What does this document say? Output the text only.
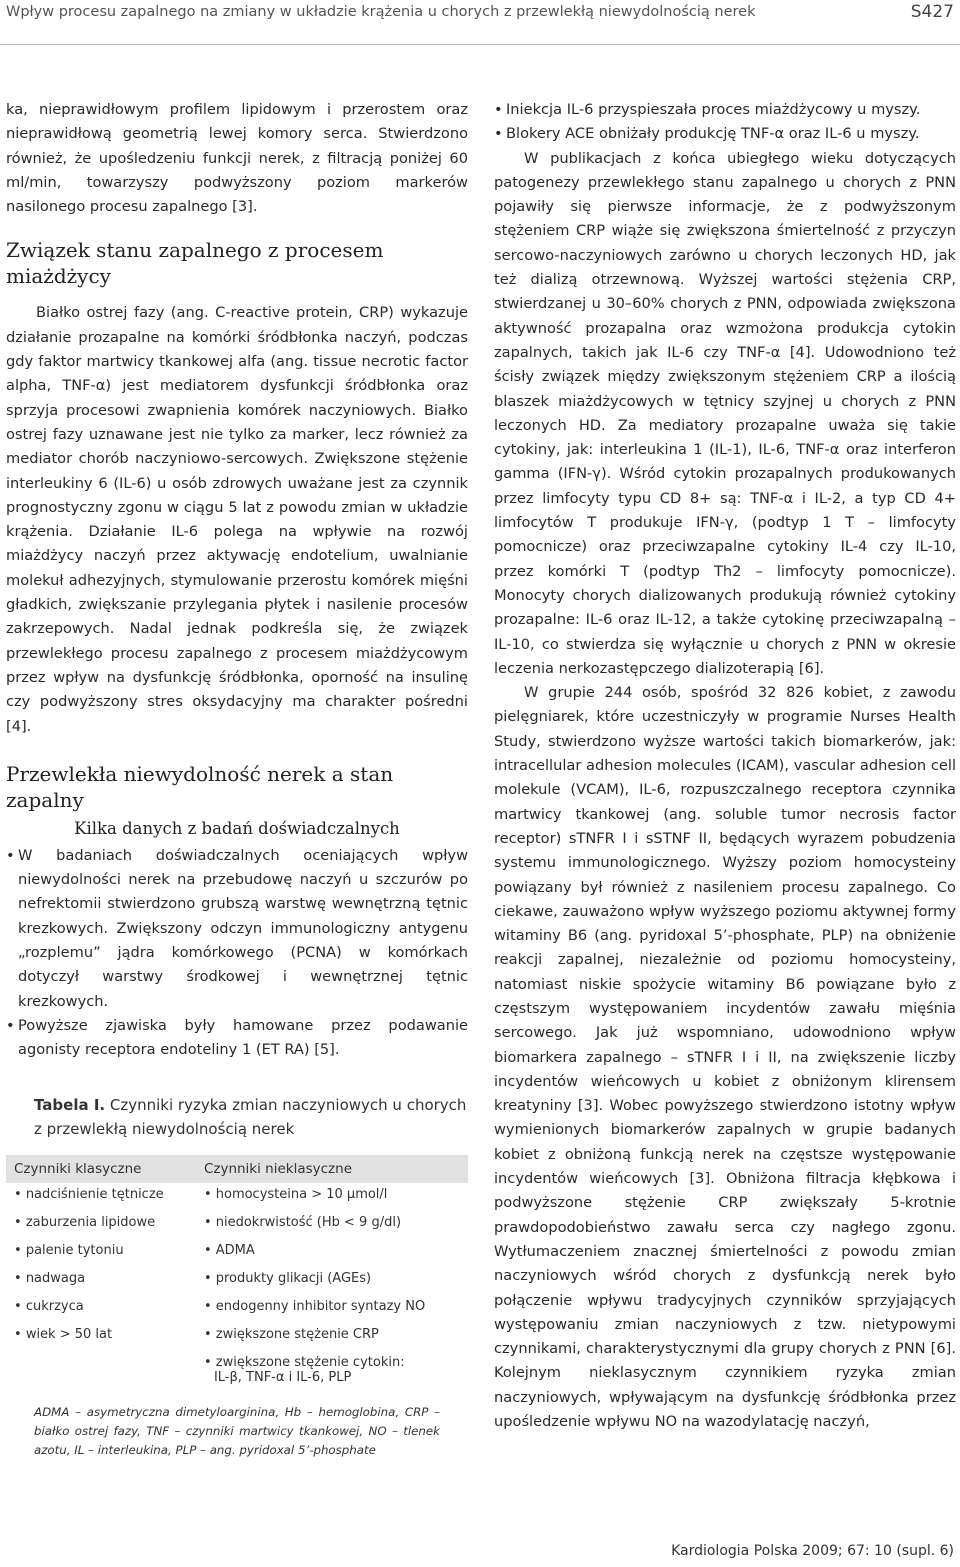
Wpływ procesu zapalnego na zmiany w układzie krążenia u chorych z przewlekłą niewydolnością nerek	S427

ka, nieprawidłowym profilem lipidowym i przerostem oraz nieprawidłową geometrią lewej komory serca. Stwierdzono również, że upośledzeniu funkcji nerek, z filtracją poniżej 60 ml/min, towarzyszy podwyższony poziom markerów nasilonego procesu zapalnego [3].

Związek stanu zapalnego z procesem miażdżycy

Białko ostrej fazy (ang. C-reactive protein, CRP) wykazuje działanie prozapalne na komórki śródbłonka naczyń, podczas gdy faktor martwicy tkankowej alfa (ang. tissue necrotic factor alpha, TNF-α) jest mediatorem dysfunkcji śródbłonka oraz sprzyja procesowi zwapnienia komórek naczyniowych. Białko ostrej fazy uznawane jest nie tylko za marker, lecz również za mediator chorób naczyniowo-sercowych. Zwiększone stężenie interleukiny 6 (IL-6) u osób zdrowych uważane jest za czynnik prognostyczny zgonu w ciągu 5 lat z powodu zmian w układzie krążenia. Działanie IL-6 polega na wpływie na rozwój miażdżycy naczyń przez aktywację endotelium, uwalnianie molekuł adhezyjnych, stymulowanie przerostu komórek mięśni gładkich, zwiększanie przylegania płytek i nasilenie procesów zakrzepowych. Nadal jednak podkreśla się, że związek przewlekłego procesu zapalnego z procesem miażdżycowym przez wpływ na dysfunkcję śródbłonka, oporność na insulinę czy podwyższony stres oksydacyjny ma charakter pośredni [4].

Przewlekła niewydolność nerek a stan zapalny
Kilka danych z badań doświadczalnych
• W badaniach doświadczalnych oceniających wpływ niewydolności nerek na przebudowę naczyń u szczurów po nefrektomii stwierdzono grubszą warstwę wewnętrzną tętnic krezkowych. Zwiększony odczyn immunologiczny antygenu „rozplemu” jądra komórkowego (PCNA) w komórkach dotyczył warstwy środkowej i wewnętrznej tętnic krezkowych.
• Powyższe zjawiska były hamowane przez podawanie agonisty receptora endoteliny 1 (ET RA) [5].
Tabela I. Czynniki ryzyka zmian naczyniowych u chorych z przewlekłą niewydolnością nerek
Czynniki klasyczne	Czynniki nieklasyczne
• nadciśnienie tętnicze	• homocysteina > 10 μmol/l
• zaburzenia lipidowe	• niedokrwistość (Hb < 9 g/dl)
• palenie tytoniu	• ADMA
• nadwaga	• produkty glikacji (AGEs)
• cukrzyca	• endogenny inhibitor syntazy NO
• wiek > 50 lat	• zwiększone stężenie CRP
	• zwiększone stężenie cytokin:
IL-β, TNF-α i IL-6, PLP
ADMA – asymetryczna dimetyloarginina, Hb – hemoglobina, CRP – białko ostrej fazy, TNF – czynniki martwicy tkankowej, NO – tlenek azotu, IL – interleukina, PLP – ang. pyridoxal 5’-phosphate
• Iniekcja IL-6 przyspieszała proces miażdżycowy u myszy.
• Blokery ACE obniżały produkcję TNF-α oraz IL-6 u myszy.

W publikacjach z końca ubiegłego wieku dotyczących patogenezy przewlekłego stanu zapalnego u chorych z PNN pojawiły się pierwsze informacje, że z podwyższonym stężeniem CRP wiąże się zwiększona śmiertelność z przyczyn sercowo-naczyniowych zarówno u chorych leczonych HD, jak też dializą otrzewnową. Wyższej wartości stężenia CRP, stwierdzanej u 30–60% chorych z PNN, odpowiada zwiększona aktywność prozapalna oraz wzmożona produkcja cytokin zapalnych, takich jak IL-6 czy TNF-α [4]. Udowodniono też ścisły związek między zwiększonym stężeniem CRP a ilością blaszek miażdżycowych w tętnicy szyjnej u chorych z PNN leczonych HD. Za mediatory prozapalne uważa się takie cytokiny, jak: interleukina 1 (IL-1), IL-6, TNF-α oraz interferon gamma (IFN-γ). Wśród cytokin prozapalnych produkowanych przez limfocyty typu CD 8+ są: TNF-α i IL-2, a typ CD 4+ limfocytów T produkuje IFN-γ, (podtyp 1 T – limfocyty pomocnicze) oraz przeciwzapalne cytokiny IL-4 czy IL-10, przez komórki T (podtyp Th2 – limfocyty pomocnicze). Monocyty chorych dializowanych produkują również cytokiny prozapalne: IL-6 oraz IL-12, a także cytokinę przeciwzapalną – IL-10, co stwierdza się wyłącznie u chorych z PNN w okresie leczenia nerkozastępczego dializoterapią [6].

W grupie 244 osób, spośród 32 826 kobiet, z zawodu pielęgniarek, które uczestniczyły w programie Nurses Health Study, stwierdzono wyższe wartości takich biomarkerów, jak: intracellular adhesion molecules (ICAM), vascular adhesion cell molekule (VCAM), IL-6, rozpuszczalnego receptora czynnika martwicy tkankowej (ang. soluble tumor necrosis factor receptor) sTNFR I i sSTNF II, będących wyrazem pobudzenia systemu immunologicznego. Wyższy poziom homocysteiny powiązany był również z nasileniem procesu zapalnego. Co ciekawe, zauważono wpływ wyższego poziomu aktywnej formy witaminy B6 (ang. pyridoxal 5’-phosphate, PLP) na obniżenie reakcji zapalnej, niezależnie od poziomu homocysteiny, natomiast niskie spożycie witaminy B6 powiązane było z częstszym występowaniem incydentów zawału mięśnia sercowego. Jak już wspomniano, udowodniono wpływ biomarkera zapalnego – sTNFR I i II, na zwiększenie liczby incydentów wieńcowych u kobiet z obniżonym klirensem kreatyniny [3]. Wobec powyższego stwierdzono istotny wpływ wymienionych biomarkerów zapalnych w grupie badanych kobiet z obniżoną funkcją nerek na częstsze występowanie incydentów wieńcowych [3]. Obniżona filtracja kłębkowa i podwyższone stężenie CRP zwiększały 5-krotnie prawdopodobieństwo zawału serca czy nagłego zgonu. Wytłumaczeniem znacznej śmiertelności z powodu zmian naczyniowych wśród chorych z dysfunkcją nerek było połączenie wpływu tradycyjnych czynników sprzyjających występowaniu zmian naczyniowych z tzw. nietypowymi czynnikami, charakterystycznymi dla grupy chorych z PNN [6]. Kolejnym nieklasycznym czynnikiem ryzyka zmian naczyniowych, wpływającym na dysfunkcję śródbłonka przez upośledzenie wpływu NO na wazodylatację naczyń,

Kardiologia Polska 2009; 67: 10 (supl. 6)
